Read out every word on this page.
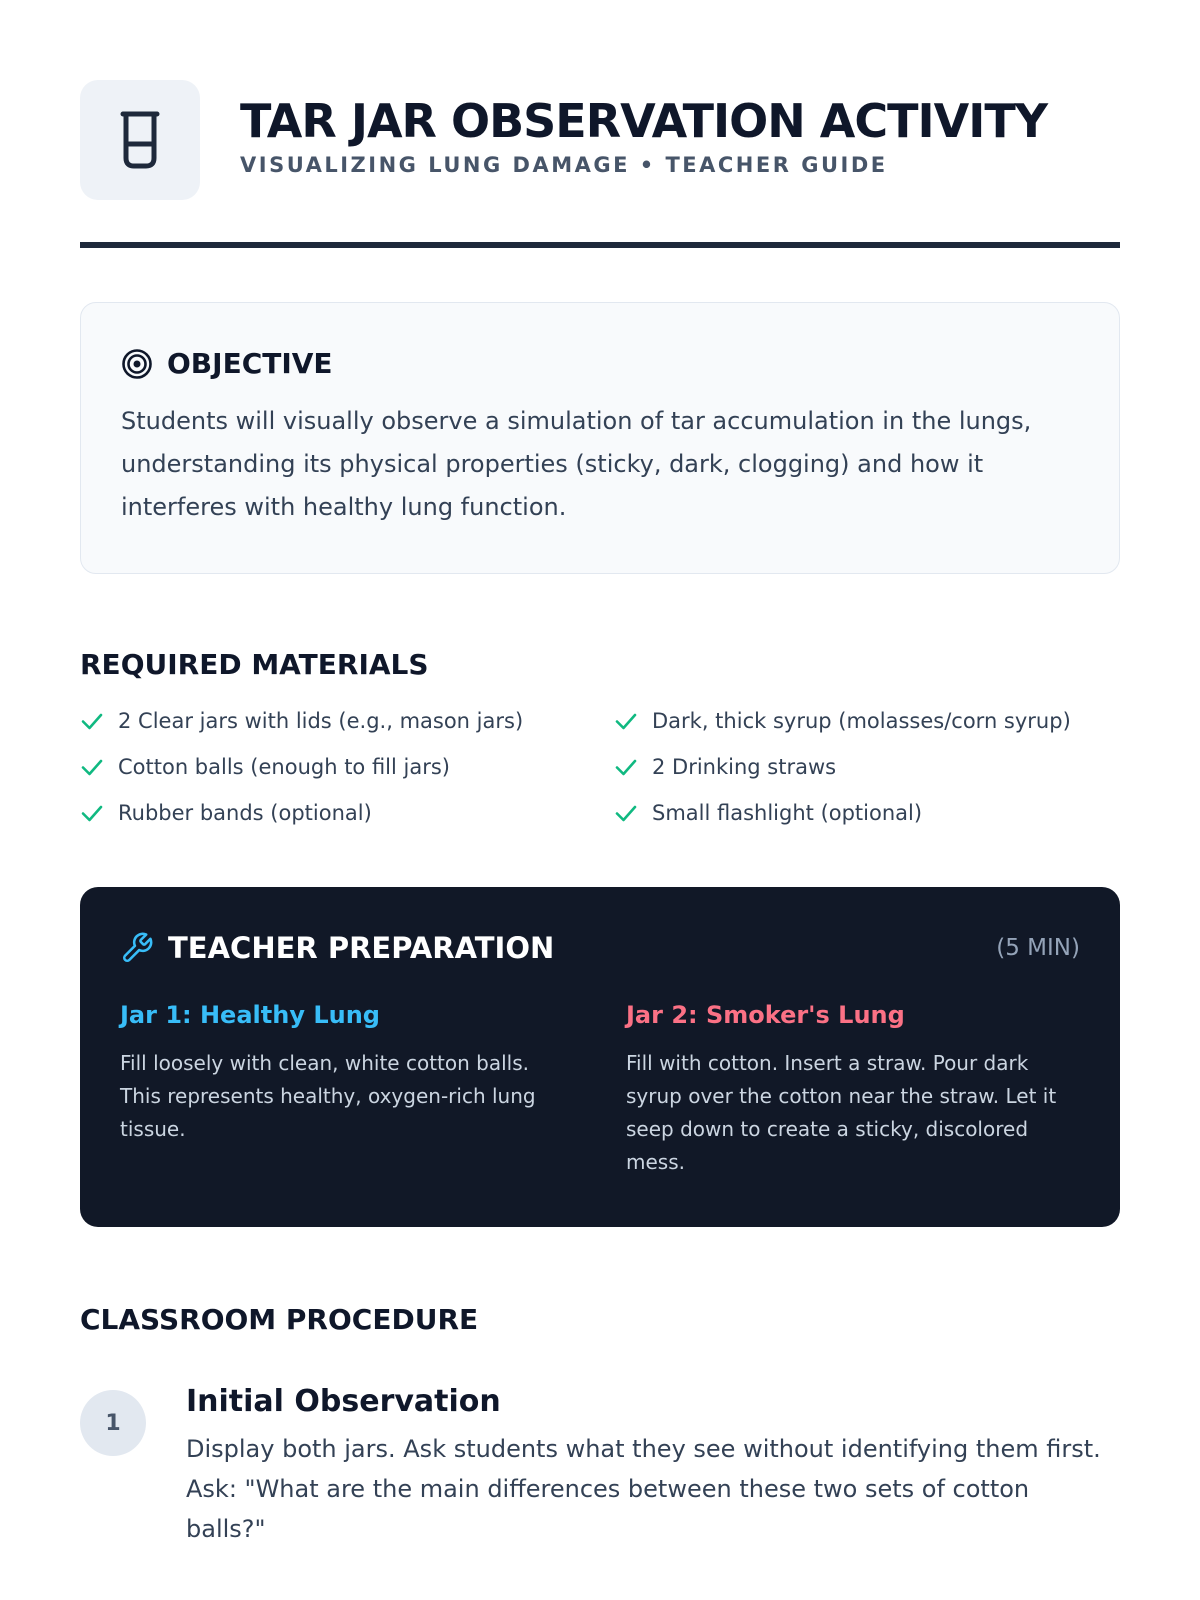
TAR JAR OBSERVATION ACTIVITY
VISUALIZING LUNG DAMAGE • TEACHER GUIDE
OBJECTIVE
Students will visually observe a simulation of tar accumulation in the lungs, understanding its physical properties (sticky, dark, clogging) and how it interferes with healthy lung function.
REQUIRED MATERIALS
2 Clear jars with lids (e.g., mason jars)	Dark, thick syrup (molasses/corn syrup)
Cotton balls (enough to fill jars)	2 Drinking straws
Rubber bands (optional)	Small flashlight (optional)
TEACHER PREPARATION	(5 MIN)
Jar 1: Healthy Lung
Fill loosely with clean, white cotton balls. This represents healthy, oxygen-rich lung tissue.
Jar 2: Smoker's Lung
Fill with cotton. Insert a straw. Pour dark syrup over the cotton near the straw. Let it seep down to create a sticky, discolored mess.
CLASSROOM PROCEDURE
1
Initial Observation
Display both jars. Ask students what they see without identifying them first. Ask: "What are the main differences between these two sets of cotton balls?"
